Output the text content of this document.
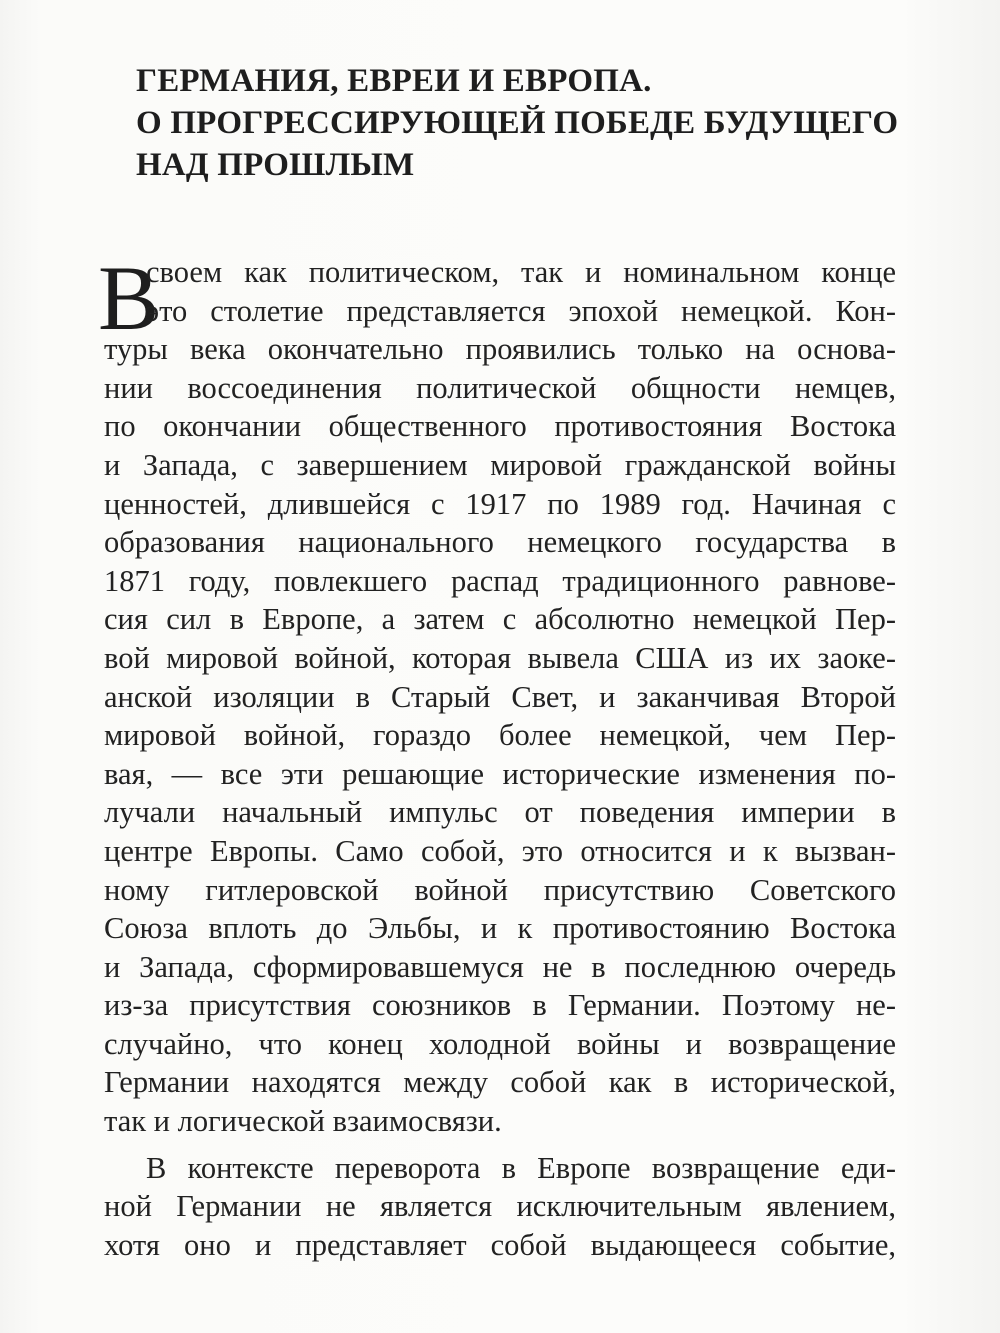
ГЕРМАНИЯ, ЕВРЕИ И ЕВРОПА.
О ПРОГРЕССИРУЮЩЕЙ ПОБЕДЕ БУДУЩЕГО
НАД ПРОШЛЫМ
В
своем как политическом, так и номинальном конце
это столетие представляется эпохой немецкой. Кон-
туры века окончательно проявились только на основа-
нии воссоединения политической общности немцев,
по окончании общественного противостояния Востока
и Запада, с завершением мировой гражданской войны
ценностей, длившейся с 1917 по 1989 год. Начиная с
образования национального немецкого государства в
1871 году, повлекшего распад традиционного равнове-
сия сил в Европе, а затем с абсолютно немецкой Пер-
вой мировой войной, которая вывела США из их заоке-
анской изоляции в Старый Свет, и заканчивая Второй
мировой войной, гораздо более немецкой, чем Пер-
вая, — все эти решающие исторические изменения по-
лучали начальный импульс от поведения империи в
центре Европы. Само собой, это относится и к вызван-
ному гитлеровской войной присутствию Советского
Союза вплоть до Эльбы, и к противостоянию Востока
и Запада, сформировавшемуся не в последнюю очередь
из-за присутствия союзников в Германии. Поэтому не-
случайно, что конец холодной войны и возвращение
Германии находятся между собой как в исторической,
так и логической взаимосвязи.
В контексте переворота в Европе возвращение еди-
ной Германии не является исключительным явлением,
хотя оно и представляет собой выдающееся событие,
